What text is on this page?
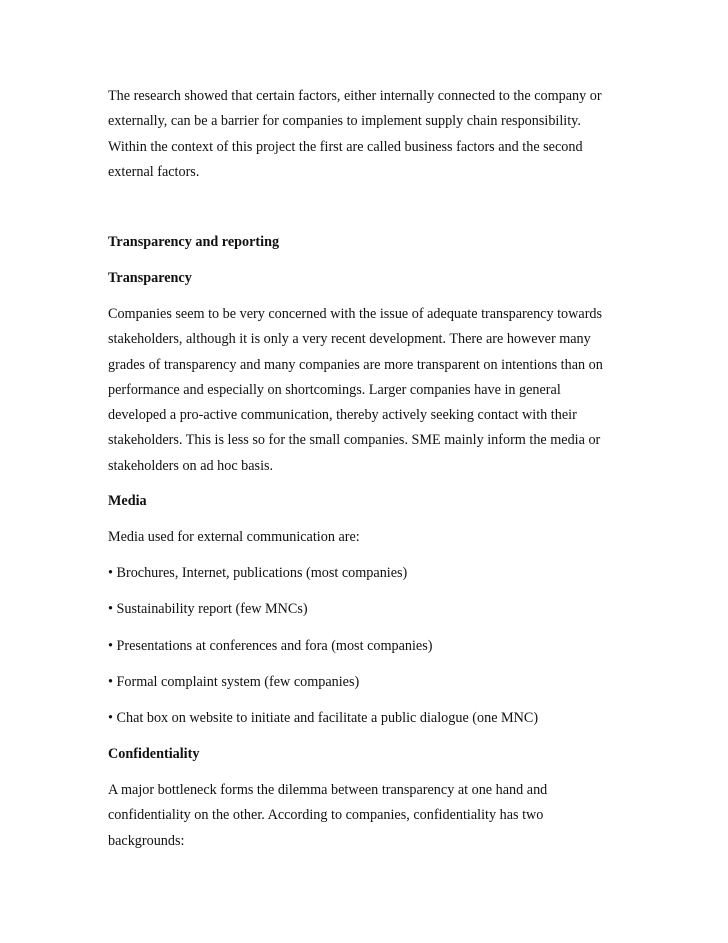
The research showed that certain factors, either internally connected to the company or
externally, can be a barrier for companies to implement supply chain responsibility.
Within the context of this project the first are called business factors and the second
external factors.
Transparency and reporting
Transparency
Companies seem to be very concerned with the issue of adequate transparency towards
stakeholders, although it is only a very recent development. There are however many
grades of transparency and many companies are more transparent on intentions than on
performance and especially on shortcomings. Larger companies have in general
developed a pro-active communication, thereby actively seeking contact with their
stakeholders. This is less so for the small companies. SME mainly inform the media or
stakeholders on ad hoc basis.
Media
Media used for external communication are:
• Brochures, Internet, publications (most companies)
• Sustainability report (few MNCs)
• Presentations at conferences and fora (most companies)
• Formal complaint system (few companies)
• Chat box on website to initiate and facilitate a public dialogue (one MNC)
Confidentiality
A major bottleneck forms the dilemma between transparency at one hand and
confidentiality on the other. According to companies, confidentiality has two
backgrounds:
